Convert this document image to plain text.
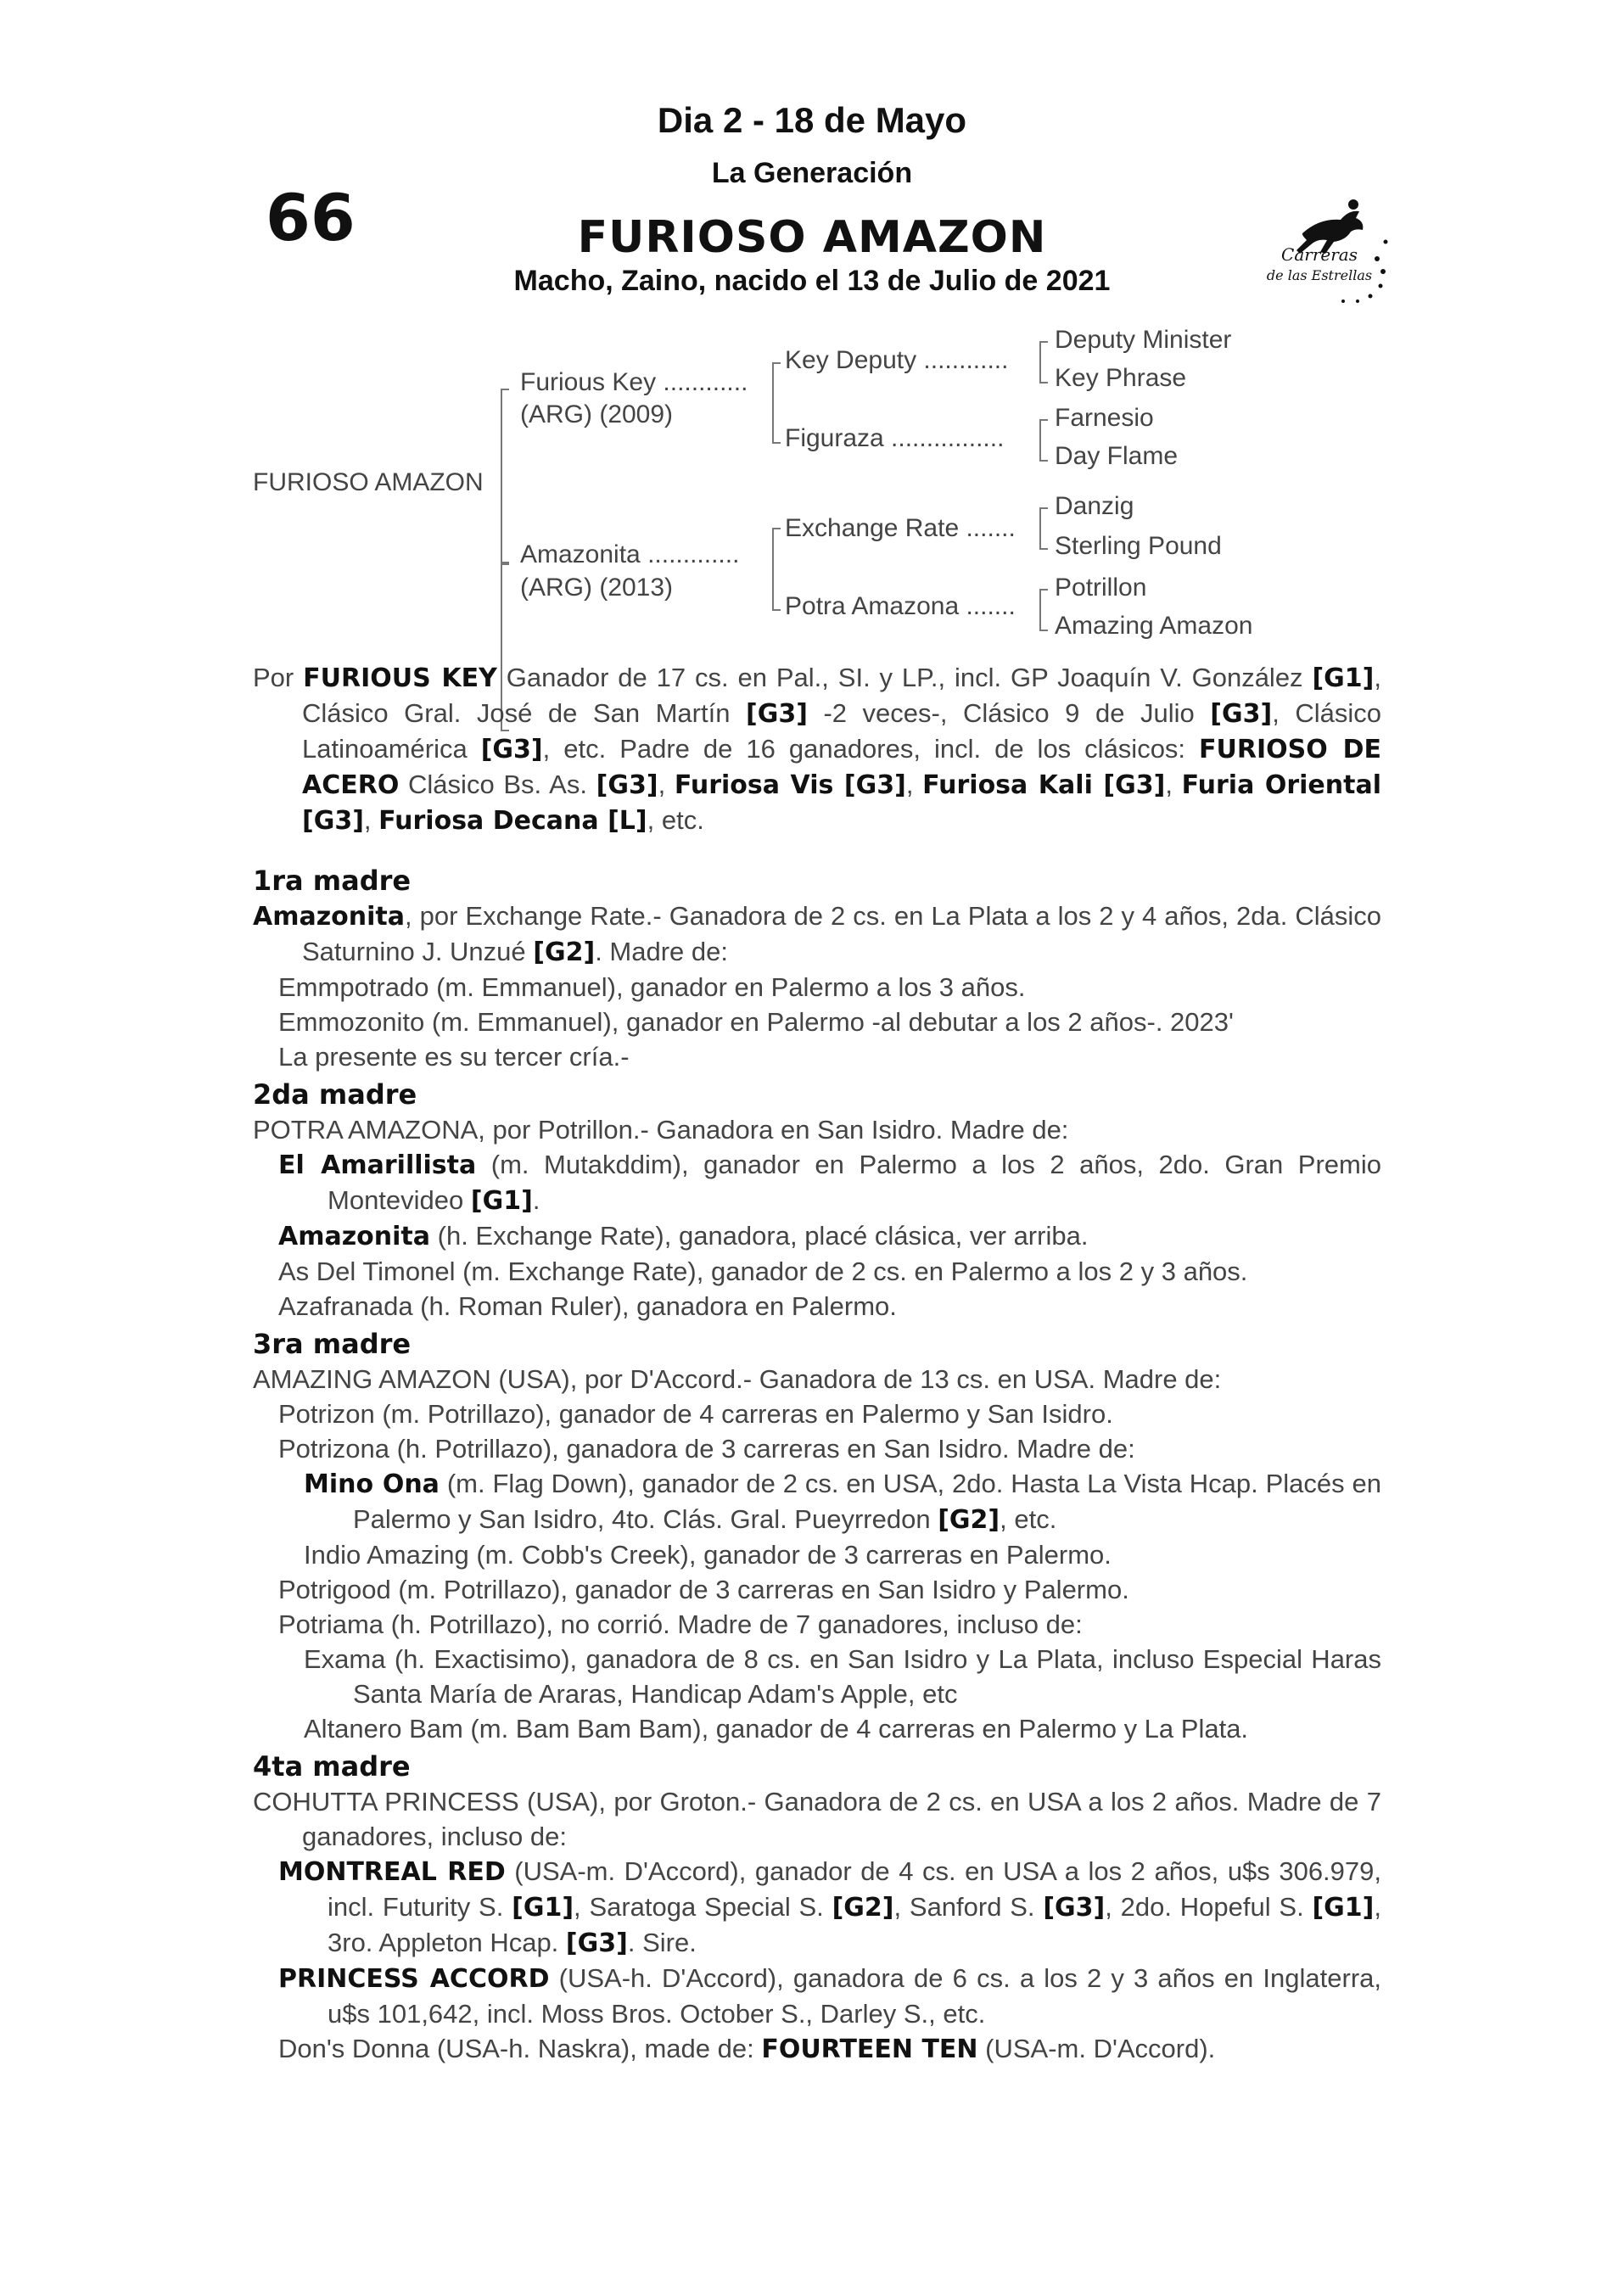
Dia 2 - 18 de Mayo
La Generación
66	FURIOSO AMAZON
Macho, Zaino, nacido el 13 de Julio de 2021
Carreras
de las Estrellas
FURIOSO AMAZON
Furious Key ............
(ARG) (2009)
Amazonita .............
(ARG) (2013)
Key Deputy ............
Figuraza ................
Exchange Rate .......
Potra Amazona .......
Deputy Minister
Key Phrase
Farnesio
Day Flame
Danzig
Sterling Pound
Potrillon
Amazing Amazon

Por FURIOUS KEY Ganador de 17 cs. en Pal., SI. y LP., incl. GP Joaquín V. González [G1], Clásico Gral. José de San Martín [G3] -2 veces-, Clásico 9 de Julio [G3], Clásico Latinoamérica [G3], etc. Padre de 16 ganadores, incl. de los clásicos: FURIOSO DE ACERO Clásico Bs. As. [G3], Furiosa Vis [G3], Furiosa Kali [G3], Furia Oriental [G3], Furiosa Decana [L], etc.

1ra madre

Amazonita, por Exchange Rate.- Ganadora de 2 cs. en La Plata a los 2 y 4 años, 2da. Clásico Saturnino J. Unzué [G2]. Madre de:

Emmpotrado (m. Emmanuel), ganador en Palermo a los 3 años.

Emmozonito (m. Emmanuel), ganador en Palermo -al debutar a los 2 años-. 2023'

La presente es su tercer cría.-

2da madre

POTRA AMAZONA, por Potrillon.- Ganadora en San Isidro. Madre de:

El Amarillista (m. Mutakddim), ganador en Palermo a los 2 años, 2do. Gran Premio Montevideo [G1].

Amazonita (h. Exchange Rate), ganadora, placé clásica, ver arriba.

As Del Timonel (m. Exchange Rate), ganador de 2 cs. en Palermo a los 2 y 3 años.

Azafranada (h. Roman Ruler), ganadora en Palermo.

3ra madre

AMAZING AMAZON (USA), por D'Accord.- Ganadora de 13 cs. en USA. Madre de:

Potrizon (m. Potrillazo), ganador de 4 carreras en Palermo y San Isidro.

Potrizona (h. Potrillazo), ganadora de 3 carreras en San Isidro. Madre de:

Mino Ona (m. Flag Down), ganador de 2 cs. en USA, 2do. Hasta La Vista Hcap. Placés en Palermo y San Isidro, 4to. Clás. Gral. Pueyrredon [G2], etc.

Indio Amazing (m. Cobb's Creek), ganador de 3 carreras en Palermo.

Potrigood (m. Potrillazo), ganador de 3 carreras en San Isidro y Palermo.

Potriama (h. Potrillazo), no corrió. Madre de 7 ganadores, incluso de:

Exama (h. Exactisimo), ganadora de 8 cs. en San Isidro y La Plata, incluso Especial Haras Santa María de Araras, Handicap Adam's Apple, etc

Altanero Bam (m. Bam Bam Bam), ganador de 4 carreras en Palermo y La Plata.

4ta madre

COHUTTA PRINCESS (USA), por Groton.- Ganadora de 2 cs. en USA a los 2 años. Madre de 7 ganadores, incluso de:

MONTREAL RED (USA-m. D'Accord), ganador de 4 cs. en USA a los 2 años, u$s 306.979, incl. Futurity S. [G1], Saratoga Special S. [G2], Sanford S. [G3], 2do. Hopeful S. [G1], 3ro. Appleton Hcap. [G3]. Sire.

PRINCESS ACCORD (USA-h. D'Accord), ganadora de 6 cs. a los 2 y 3 años en Inglaterra, u$s 101,642, incl. Moss Bros. October S., Darley S., etc.

Don's Donna (USA-h. Naskra), made de: FOURTEEN TEN (USA-m. D'Accord).
